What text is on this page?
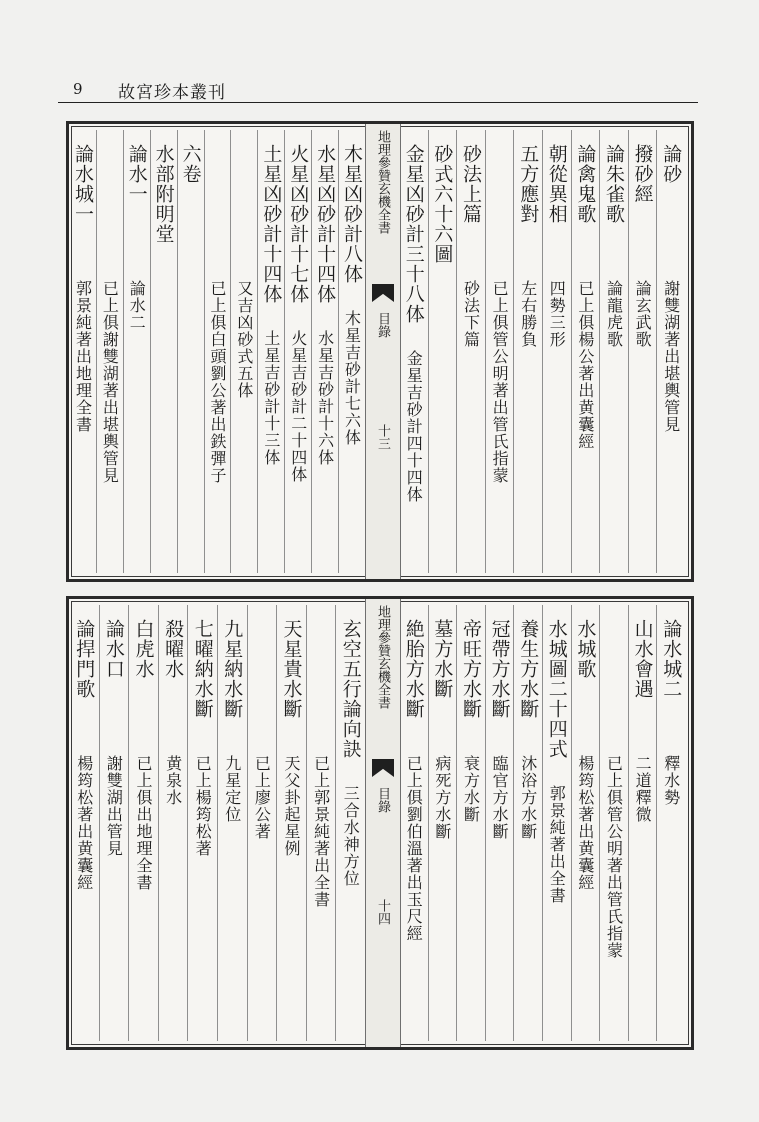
9 故宮珍本叢刊
地理參贊玄機全書
目錄
十三
論砂
謝雙湖著出堪輿管見
撥砂經
論玄武歌
論朱雀歌
論龍虎歌
論禽鬼歌
已上俱楊公著出黄囊經
朝從異相
四勢三形
五方應對
左右勝負
已上俱管公明著出管氏指蒙
砂法上篇
砂法下篇
砂式六十六圖
金星凶砂計三十八体
金星吉砂計四十四体
木星凶砂計八体
木星吉砂計七六体
水星凶砂計十四体
水星吉砂計十六体
火星凶砂計十七体
火星吉砂計二十四体
土星凶砂計十四体
土星吉砂計十三体
又吉凶砂式五体
已上俱白頭劉公著出鉄彈子
六卷
水部附明堂
論水一
論水二
已上俱謝雙湖著出堪輿管見
論水城一
郭景純著出地理全書
地理參贊玄機全書
目錄
十四
論水城二
釋水勢
山水會遇
二道釋微
已上俱管公明著出管氏指蒙
水城歌
楊筠松著出黄囊經
水城圖二十四式
郭景純著出全書
養生方水斷
沐浴方水斷
冠帶方水斷
臨官方水斷
帝旺方水斷
衰方水斷
墓方水斷
病死方水斷
絶胎方水斷
已上俱劉伯溫著出玉尺經
玄空五行論向訣
三合水神方位
已上郭景純著出全書
天星貴水斷
天父卦起星例
已上廖公著
九星納水斷
九星定位
七曜納水斷
已上楊筠松著
殺曜水
黄泉水
白虎水
已上俱出地理全書
論水口
謝雙湖出管見
論捍門歌
楊筠松著出黄囊經
